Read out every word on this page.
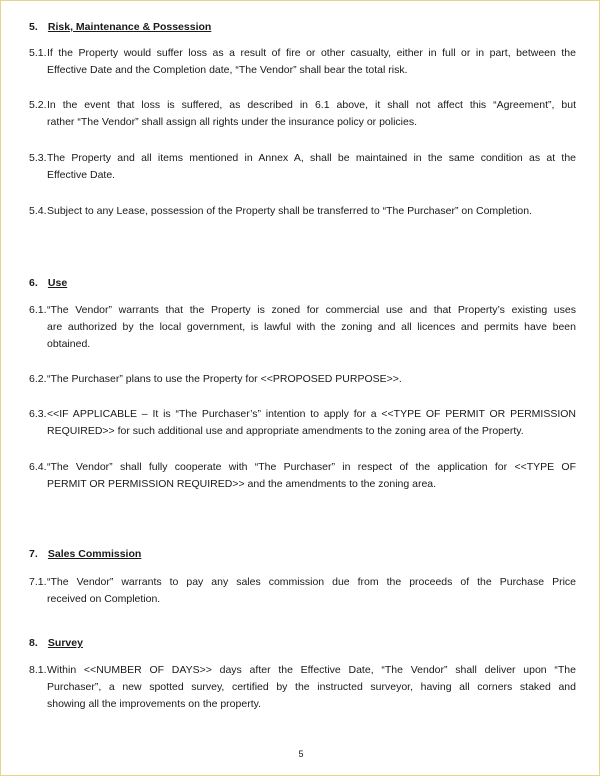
5. Risk, Maintenance & Possession
5.1. If the Property would suffer loss as a result of fire or other casualty, either in full or in part, between the
Effective Date and the Completion date, “The Vendor” shall bear the total risk.
5.2. In the event that loss is suffered, as described in 6.1 above, it shall not affect this “Agreement”, but
rather “The Vendor” shall assign all rights under the insurance policy or policies.
5.3. The Property and all items mentioned in Annex A, shall be maintained in the same condition as at the
Effective Date.
5.4. Subject to any Lease, possession of the Property shall be transferred to “The Purchaser” on Completion.
6. Use
6.1. “The Vendor” warrants that the Property is zoned for commercial use and that Property’s existing uses
are authorized by the local government, is lawful with the zoning and all licences and permits have been
obtained.
6.2. “The Purchaser” plans to use the Property for <<PROPOSED PURPOSE>>.
6.3. <<IF APPLICABLE – It is “The Purchaser’s” intention to apply for a <<TYPE OF PERMIT OR PERMISSION
REQUIRED>> for such additional use and appropriate amendments to the zoning area of the Property.
6.4. “The Vendor” shall fully cooperate with “The Purchaser” in respect of the application for <<TYPE OF
PERMIT OR PERMISSION REQUIRED>> and the amendments to the zoning area.
7. Sales Commission
7.1. “The Vendor” warrants to pay any sales commission due from the proceeds of the Purchase Price
received on Completion.
8. Survey
8.1. Within <<NUMBER OF DAYS>> days after the Effective Date, “The Vendor” shall deliver upon “The
Purchaser”, a new spotted survey, certified by the instructed surveyor, having all corners staked and
showing all the improvements on the property.
5
